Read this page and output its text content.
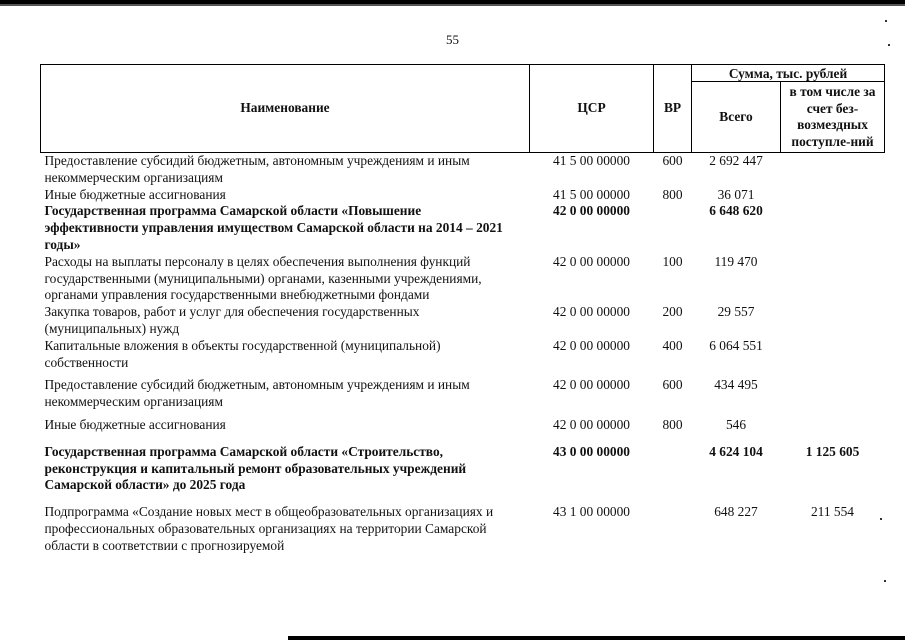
55
Наименование	ЦСР	ВР	Сумма, тыс. рублей	
			Всего	в том числе за счет без-возмездных поступле-ний
Предоставление субсидий бюджетным, автономным учреждениям и иным некоммерческим организациям	41 5 00 00000	600	2 692 447	
Иные бюджетные ассигнования	41 5 00 00000	800	36 071	
Государственная программа Самарской области «Повышение эффективности управления имуществом Самарской области на 2014 – 2021 годы»	42 0 00 00000		6 648 620	
Расходы на выплаты персоналу в целях обеспечения выполнения функций государственными (муниципальными) органами, казенными учреждениями, органами управления государственными внебюджетными фондами	42 0 00 00000	100	119 470	
Закупка товаров, работ и услуг для обеспечения государственных (муниципальных) нужд	42 0 00 00000	200	29 557	
Капитальные вложения в объекты государственной (муниципальной) собственности	42 0 00 00000	400	6 064 551	
Предоставление субсидий бюджетным, автономным учреждениям и иным некоммерческим организациям	42 0 00 00000	600	434 495	
Иные бюджетные ассигнования	42 0 00 00000	800	546	
Государственная программа Самарской области «Строительство, реконструкция и капитальный ремонт образовательных учреждений Самарской области» до 2025 года	43 0 00 00000		4 624 104	1 125 605
Подпрограмма «Создание новых мест в общеобразовательных организациях и профессиональных образовательных организациях на территории Самарской области в соответствии с прогнозируемой	43 1 00 00000		648 227	211 554
